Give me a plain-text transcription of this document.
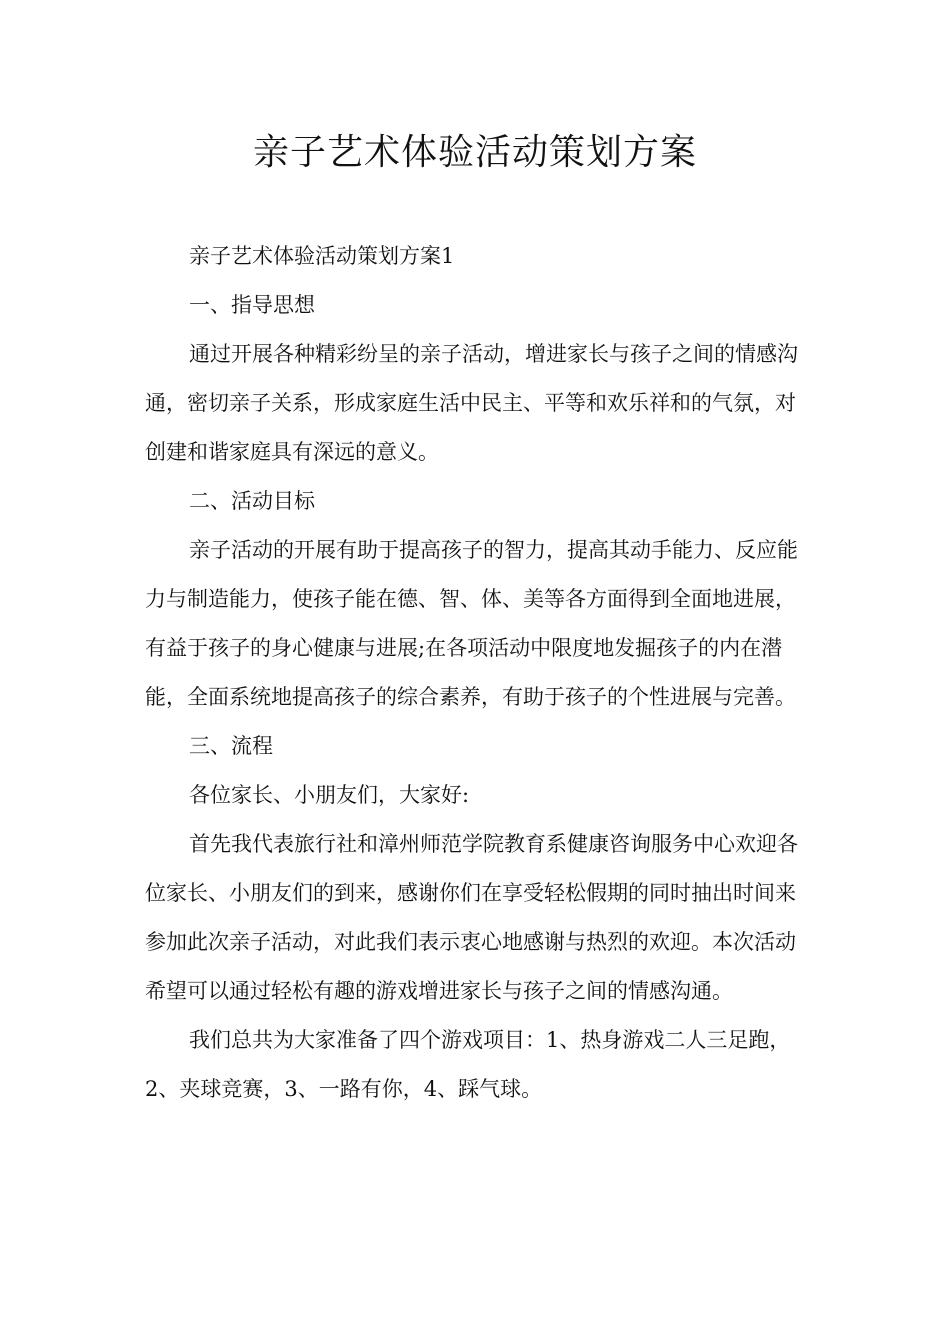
亲子艺术体验活动策划方案

亲子艺术体验活动策划方案1

一、指导思想

通过开展各种精彩纷呈的亲子活动，增进家长与孩子之间的情感沟通，密切亲子关系，形成家庭生活中民主、平等和欢乐祥和的气氛，对创建和谐家庭具有深远的意义。

二、活动目标

亲子活动的开展有助于提高孩子的智力，提高其动手能力、反应能力与制造能力，使孩子能在德、智、体、美等各方面得到全面地进展，有益于孩子的身心健康与进展;在各项活动中限度地发掘孩子的内在潜能，全面系统地提高孩子的综合素养，有助于孩子的个性进展与完善。

三、流程

各位家长、小朋友们，大家好:

首先我代表旅行社和漳州师范学院教育系健康咨询服务中心欢迎各位家长、小朋友们的到来，感谢你们在享受轻松假期的同时抽出时间来参加此次亲子活动，对此我们表示衷心地感谢与热烈的欢迎。本次活动希望可以通过轻松有趣的游戏增进家长与孩子之间的情感沟通。

我们总共为大家准备了四个游戏项目：1、热身游戏二人三足跑，2、夹球竞赛，3、一路有你，4、踩气球。
